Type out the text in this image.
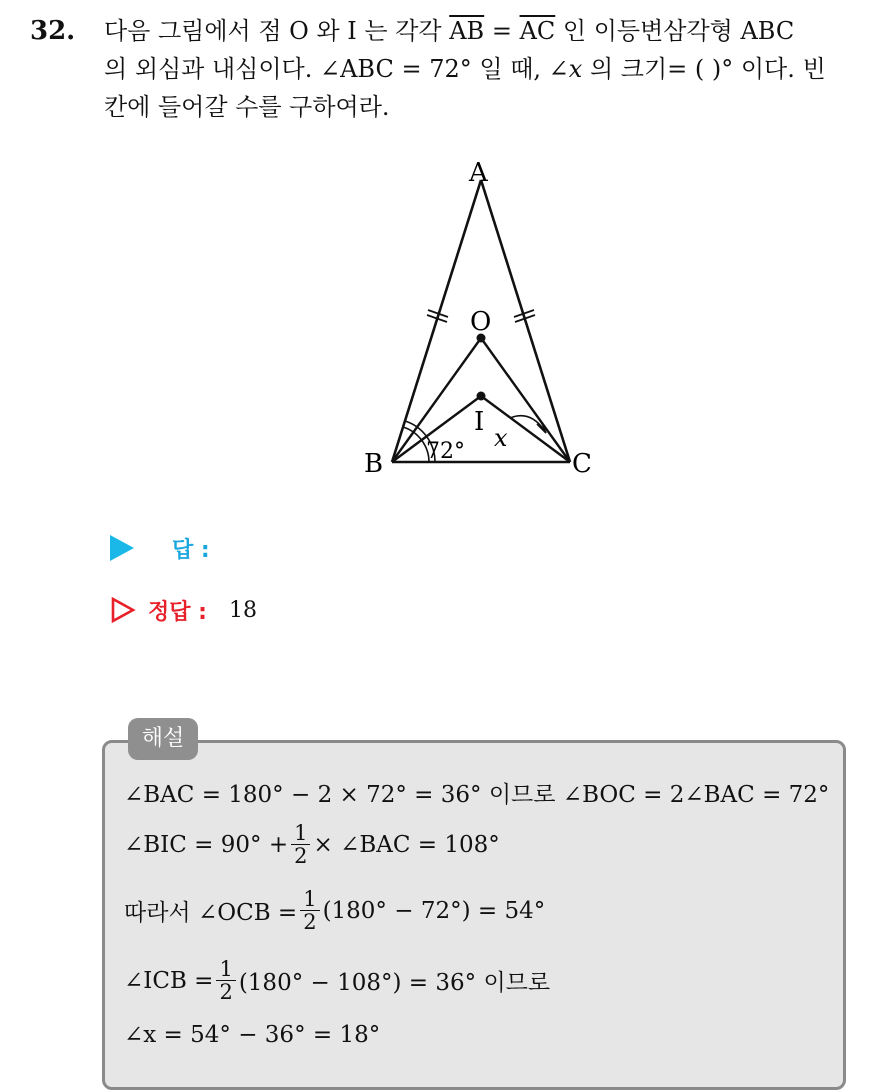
32. 다음 그림에서 점 O 와 I 는 각각 $\overline{AB} = \overline{AC}$ 인 이등변삼각형 ABC
의 외심과 내심이다. ∠ABC = 72° 일 때, ∠x 의 크기= ( )° 이다. 빈
칸에 들어갈 수를 구하여라.
A
B	C
O
I
x
72°
답 :
정답 : 18
해설
∠BAC = 180° − 2 × 72° = 36° 이므로 ∠BOC = 2∠BAC = 72°
∠BIC = $90^\circ + \frac{1}{2}$ × ∠BAC = 108°
따라서 ∠OCB = $\frac{1}{2} (180^\circ - 72^\circ) = 54^\circ$
∠ICB = $\frac{1}{2} (180^\circ - 108^\circ) = 36^\circ$ 이므로
∠x = 54° − 36° = 18°
